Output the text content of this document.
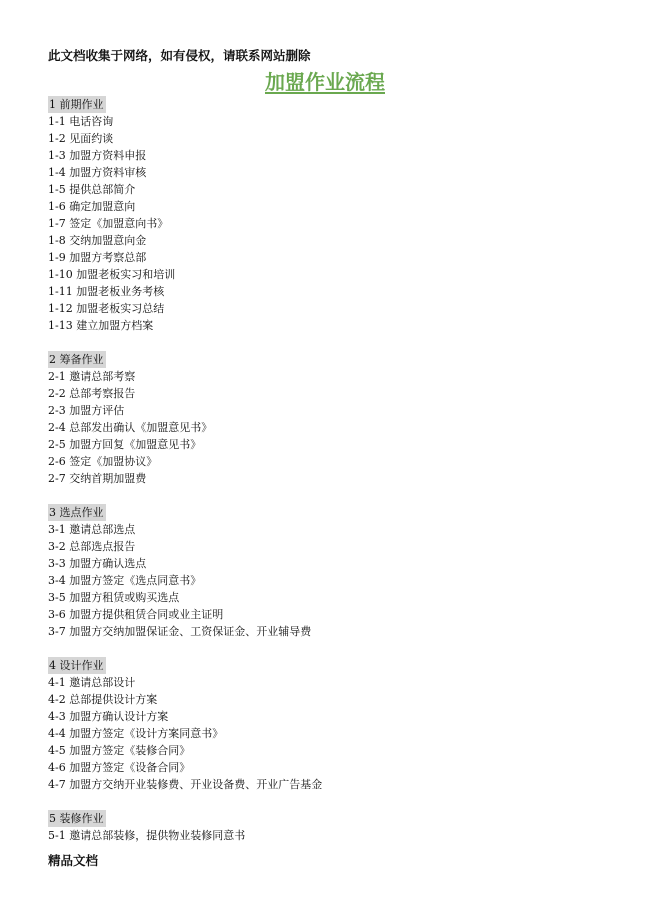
此文档收集于网络，如有侵权，请联系网站删除
加盟作业流程
1 前期作业
1-1 电话咨询
1-2 见面约谈
1-3 加盟方资料申报
1-4 加盟方资料审核
1-5 提供总部简介
1-6 确定加盟意向
1-7 签定《加盟意向书》
1-8 交纳加盟意向金
1-9 加盟方考察总部
1-10 加盟老板实习和培训
1-11 加盟老板业务考核
1-12 加盟老板实习总结
1-13 建立加盟方档案
2 筹备作业
2-1 邀请总部考察
2-2 总部考察报告
2-3 加盟方评估
2-4 总部发出确认《加盟意见书》
2-5 加盟方回复《加盟意见书》
2-6 签定《加盟协议》
2-7 交纳首期加盟费
3 选点作业
3-1 邀请总部选点
3-2 总部选点报告
3-3 加盟方确认选点
3-4 加盟方签定《选点同意书》
3-5 加盟方租赁或购买选点
3-6 加盟方提供租赁合同或业主证明
3-7 加盟方交纳加盟保证金、工资保证金、开业辅导费
4 设计作业
4-1 邀请总部设计
4-2 总部提供设计方案
4-3 加盟方确认设计方案
4-4 加盟方签定《设计方案同意书》
4-5 加盟方签定《装修合同》
4-6 加盟方签定《设备合同》
4-7 加盟方交纳开业装修费、开业设备费、开业广告基金
5 装修作业
5-1 邀请总部装修，提供物业装修同意书
精品文档
